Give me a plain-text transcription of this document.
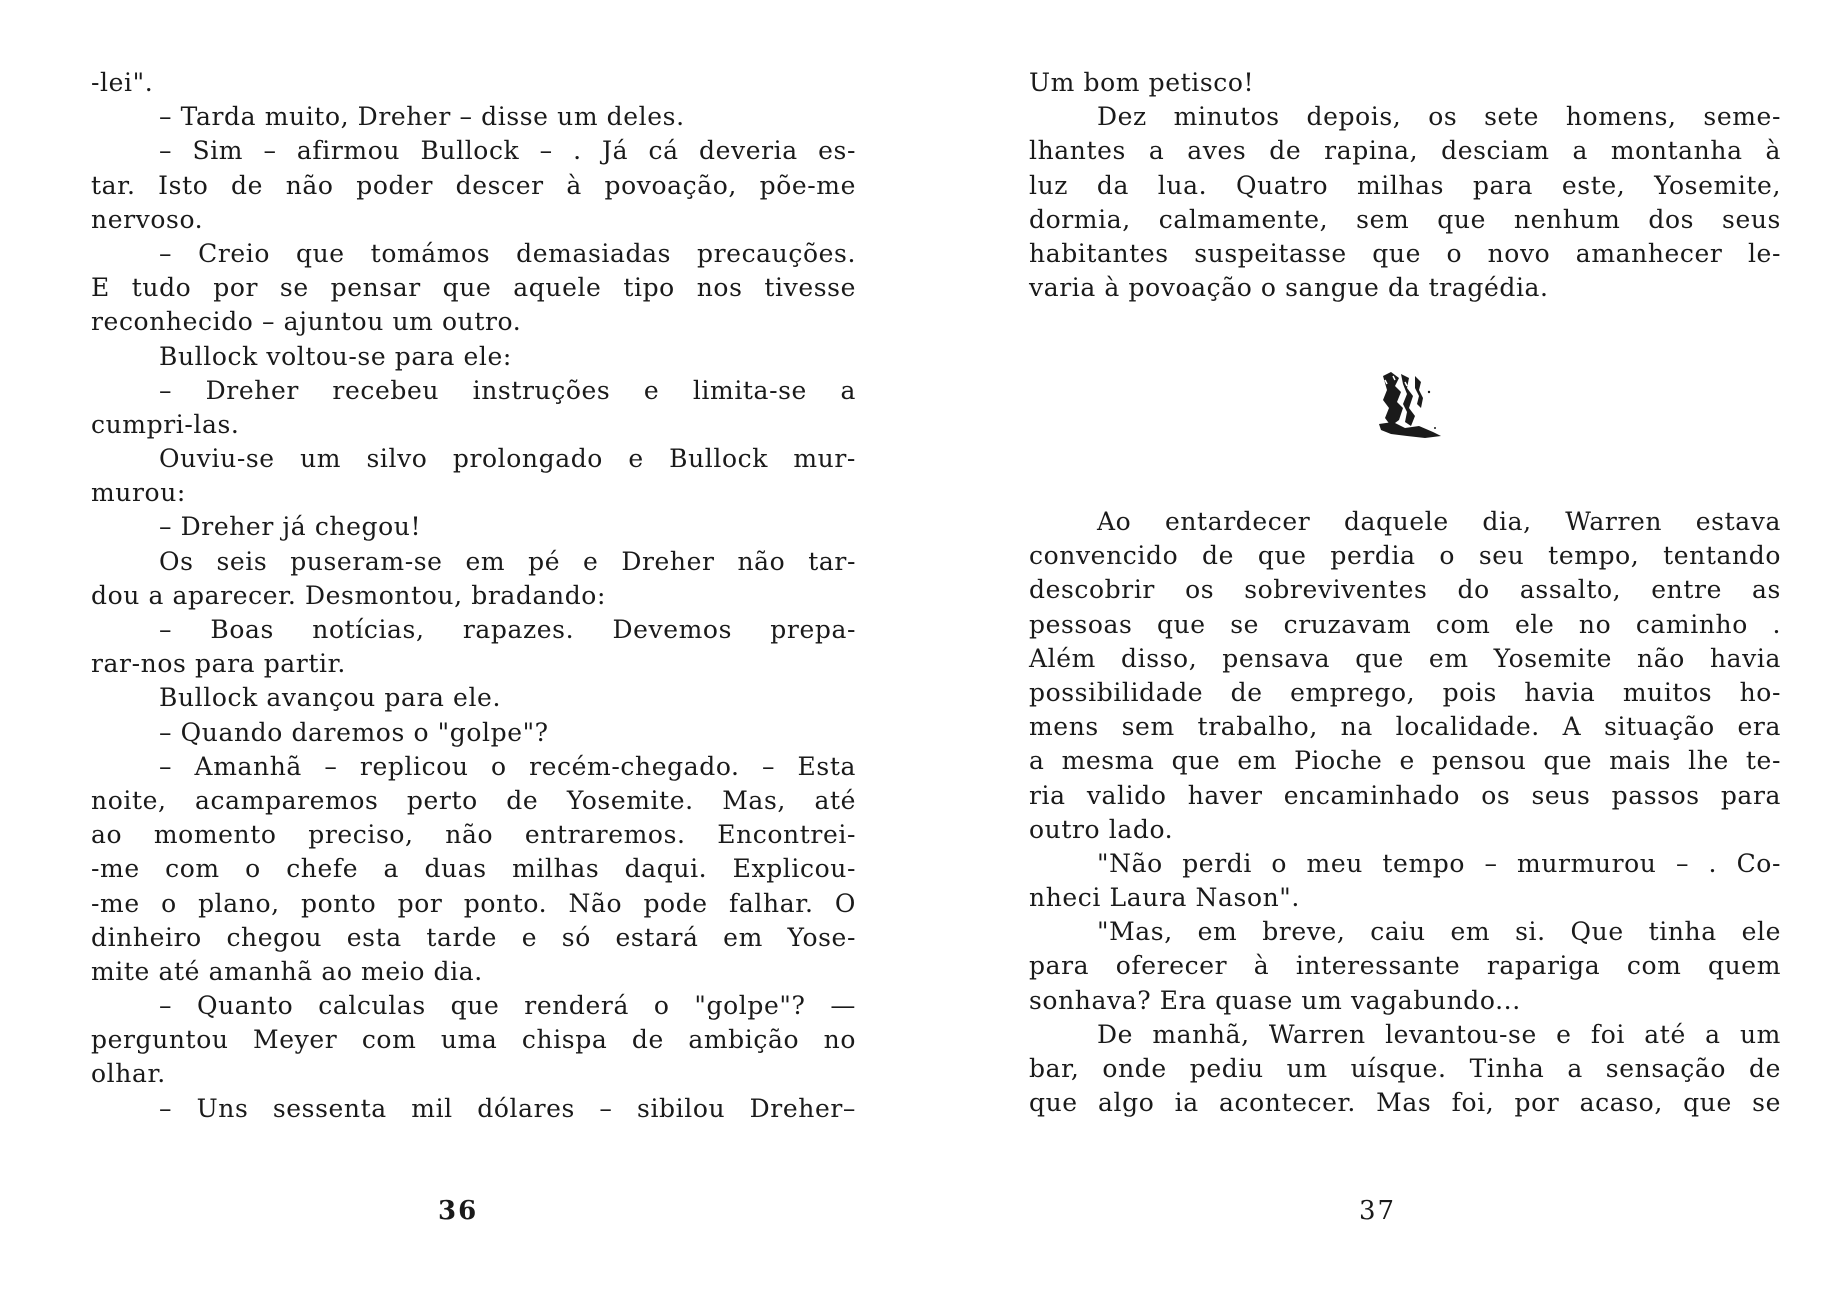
-lei".
– Tarda muito, Dreher – disse um deles.
– Sim – afirmou Bullock – . Já cá deveria es-
tar. Isto de não poder descer à povoação, põe-me
nervoso.
– Creio que tomámos demasiadas precauções.
E tudo por se pensar que aquele tipo nos tivesse
reconhecido – ajuntou um outro.
Bullock voltou-se para ele:
– Dreher recebeu instruções e limita-se a
cumpri-las.
Ouviu-se um silvo prolongado e Bullock mur-
murou:
– Dreher já chegou!
Os seis puseram-se em pé e Dreher não tar-
dou a aparecer. Desmontou, bradando:
– Boas notícias, rapazes. Devemos prepa-
rar-nos para partir.
Bullock avançou para ele.
– Quando daremos o "golpe"?
– Amanhã – replicou o recém-chegado. – Esta
noite, acamparemos perto de Yosemite. Mas, até
ao momento preciso, não entraremos. Encontrei-
-me com o chefe a duas milhas daqui. Explicou-
-me o plano, ponto por ponto. Não pode falhar. O
dinheiro chegou esta tarde e só estará em Yose-
mite até amanhã ao meio dia.
– Quanto calculas que renderá o "golpe"? —
perguntou Meyer com uma chispa de ambição no
olhar.
– Uns sessenta mil dólares – sibilou Dreher–
36
Um bom petisco!
Dez minutos depois, os sete homens, seme-
lhantes a aves de rapina, desciam a montanha à
luz da lua. Quatro milhas para este, Yosemite,
dormia, calmamente, sem que nenhum dos seus
habitantes suspeitasse que o novo amanhecer le-
varia à povoação o sangue da tragédia.
Ao entardecer daquele dia, Warren estava
convencido de que perdia o seu tempo, tentando
descobrir os sobreviventes do assalto, entre as
pessoas que se cruzavam com ele no caminho .
Além disso, pensava que em Yosemite não havia
possibilidade de emprego, pois havia muitos ho-
mens sem trabalho, na localidade. A situação era
a mesma que em Pioche e pensou que mais lhe te-
ria valido haver encaminhado os seus passos para
outro lado.
"Não perdi o meu tempo – murmurou – . Co-
nheci Laura Nason".
"Mas, em breve, caiu em si. Que tinha ele
para oferecer à interessante rapariga com quem
sonhava? Era quase um vagabundo...
De manhã, Warren levantou-se e foi até a um
bar, onde pediu um uísque. Tinha a sensação de
que algo ia acontecer. Mas foi, por acaso, que se
37
